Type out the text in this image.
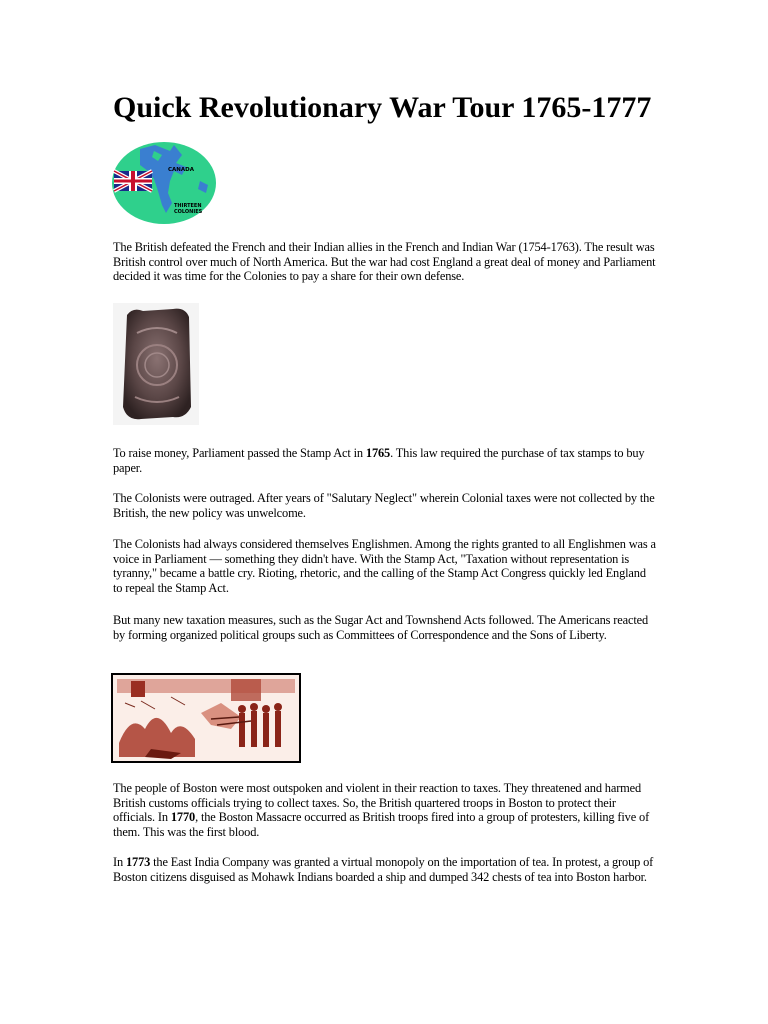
Quick Revolutionary War Tour 1765-1777
CANADA
THIRTEEN
COLONIES

The British defeated the French and their Indian allies in the French and Indian War (1754-1763). The result was British control over much of North America. But the war had cost England a great deal of money and Parliament decided it was time for the Colonies to pay a share for their own defense.

To raise money, Parliament passed the Stamp Act in 1765. This law required the purchase of tax stamps to buy paper.

The Colonists were outraged. After years of "Salutary Neglect" wherein Colonial taxes were not collected by the British, the new policy was unwelcome.

The Colonists had always considered themselves Englishmen. Among the rights granted to all Englishmen was a voice in Parliament — something they didn't have. With the Stamp Act, "Taxation without representation is tyranny," became a battle cry. Rioting, rhetoric, and the calling of the Stamp Act Congress quickly led England to repeal the Stamp Act.

But many new taxation measures, such as the Sugar Act and Townshend Acts followed. The Americans reacted by forming organized political groups such as Committees of Correspondence and the Sons of Liberty.

The people of Boston were most outspoken and violent in their reaction to taxes. They threatened and harmed British customs officials trying to collect taxes. So, the British quartered troops in Boston to protect their officials. In 1770, the Boston Massacre occurred as British troops fired into a group of protesters, killing five of them. This was the first blood.

In 1773 the East India Company was granted a virtual monopoly on the importation of tea. In protest, a group of Boston citizens disguised as Mohawk Indians boarded a ship and dumped 342 chests of tea into Boston harbor.
